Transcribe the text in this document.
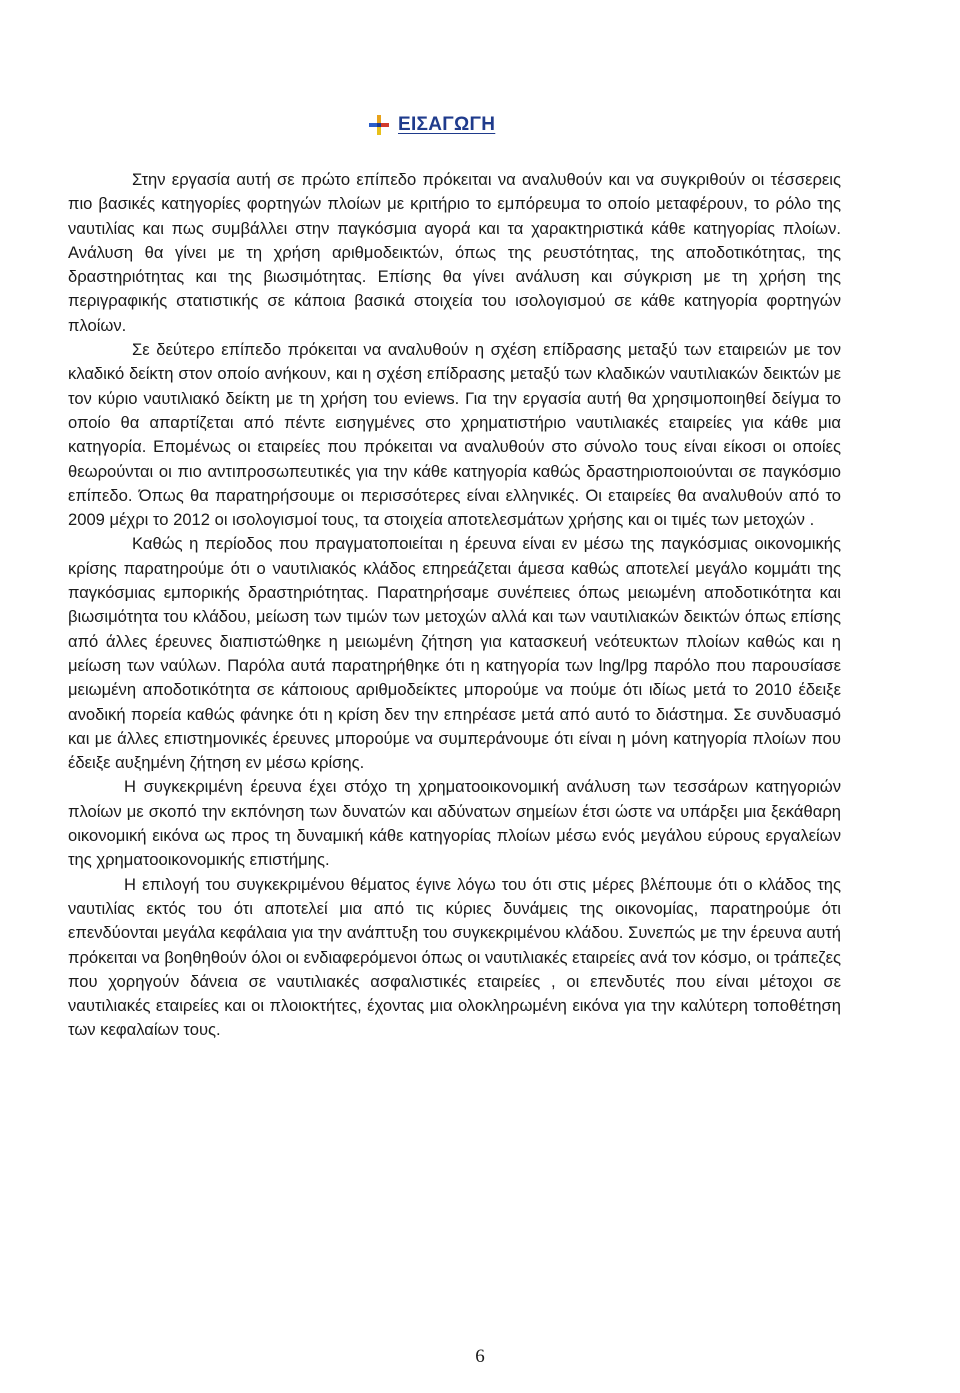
ΕΙΣΑΓΩΓΗ

Στην εργασία αυτή σε πρώτο επίπεδο πρόκειται να αναλυθούν και να συγκριθούν οι τέσσερεις πιο βασικές κατηγορίες φορτηγών πλοίων με κριτήριο το εμπόρευμα το οποίο μεταφέρουν, το ρόλο της ναυτιλίας και πως συμβάλλει στην παγκόσμια αγορά και τα χαρακτηριστικά κάθε κατηγορίας πλοίων. Ανάλυση θα γίνει με τη χρήση αριθμοδεικτών, όπως της ρευστότητας, της αποδοτικότητας, της δραστηριότητας και της βιωσιμότητας. Επίσης θα γίνει ανάλυση και σύγκριση με τη χρήση της περιγραφικής στατιστικής σε κάποια βασικά στοιχεία του ισολογισμού σε κάθε κατηγορία φορτηγών πλοίων.

Σε δεύτερο επίπεδο πρόκειται να αναλυθούν η σχέση επίδρασης μεταξύ των εταιρειών με τον κλαδικό δείκτη στον οποίο ανήκουν, και η σχέση επίδρασης μεταξύ των κλαδικών ναυτιλιακών δεικτών με τον κύριο ναυτιλιακό δείκτη με τη χρήση του eviews. Για την εργασία αυτή θα χρησιμοποιηθεί δείγμα το οποίο θα απαρτίζεται από πέντε εισηγμένες στο χρηματιστήριο ναυτιλιακές εταιρείες για κάθε μια κατηγορία. Επομένως οι εταιρείες που πρόκειται να αναλυθούν στο σύνολο τους είναι είκοσι οι οποίες θεωρούνται οι πιο αντιπροσωπευτικές για την κάθε κατηγορία καθώς δραστηριοποιούνται σε παγκόσμιο επίπεδο. Όπως θα παρατηρήσουμε οι περισσότερες είναι ελληνικές. Οι εταιρείες θα αναλυθούν από το 2009 μέχρι το 2012 οι ισολογισμοί τους, τα στοιχεία αποτελεσμάτων χρήσης και οι τιμές των μετοχών .

Καθώς η περίοδος που πραγματοποιείται η έρευνα είναι εν μέσω της παγκόσμιας οικονομικής κρίσης παρατηρούμε ότι ο ναυτιλιακός κλάδος επηρεάζεται άμεσα καθώς αποτελεί μεγάλο κομμάτι της παγκόσμιας εμπορικής δραστηριότητας. Παρατηρήσαμε συνέπειες όπως μειωμένη αποδοτικότητα και βιωσιμότητα του κλάδου, μείωση των τιμών των μετοχών αλλά και των ναυτιλιακών δεικτών όπως επίσης από άλλες έρευνες διαπιστώθηκε η μειωμένη ζήτηση για κατασκευή νεότευκτων πλοίων καθώς και η μείωση των ναύλων. Παρόλα αυτά παρατηρήθηκε ότι η κατηγορία των lng/lpg παρόλο που παρουσίασε μειωμένη αποδοτικότητα σε κάποιους αριθμοδείκτες μπορούμε να πούμε ότι ιδίως μετά το 2010 έδειξε ανοδική πορεία καθώς φάνηκε ότι η κρίση δεν την επηρέασε μετά από αυτό το διάστημα. Σε συνδυασμό και με άλλες επιστημονικές έρευνες μπορούμε να συμπεράνουμε ότι είναι η μόνη κατηγορία πλοίων που έδειξε αυξημένη ζήτηση εν μέσω κρίσης.

Η συγκεκριμένη έρευνα έχει στόχο τη χρηματοοικονομική ανάλυση των τεσσάρων κατηγοριών πλοίων με σκοπό την εκπόνηση των δυνατών και αδύνατων σημείων έτσι ώστε να υπάρξει μια ξεκάθαρη οικονομική εικόνα ως προς τη δυναμική κάθε κατηγορίας πλοίων μέσω ενός μεγάλου εύρους εργαλείων της χρηματοοικονομικής επιστήμης.

Η επιλογή του συγκεκριμένου θέματος έγινε λόγω του ότι στις μέρες βλέπουμε ότι ο κλάδος της ναυτιλίας εκτός του ότι αποτελεί μια από τις κύριες δυνάμεις της οικονομίας, παρατηρούμε ότι επενδύονται μεγάλα κεφάλαια για την ανάπτυξη του συγκεκριμένου κλάδου. Συνεπώς με την έρευνα αυτή πρόκειται να βοηθηθούν όλοι οι ενδιαφερόμενοι όπως οι ναυτιλιακές εταιρείες ανά τον κόσμο, οι τράπεζες που χορηγούν δάνεια σε ναυτιλιακές ασφαλιστικές εταιρείες , οι επενδυτές που είναι μέτοχοι σε ναυτιλιακές εταιρείες και οι πλοιοκτήτες, έχοντας μια ολοκληρωμένη εικόνα για την καλύτερη τοποθέτηση των κεφαλαίων τους.

6
